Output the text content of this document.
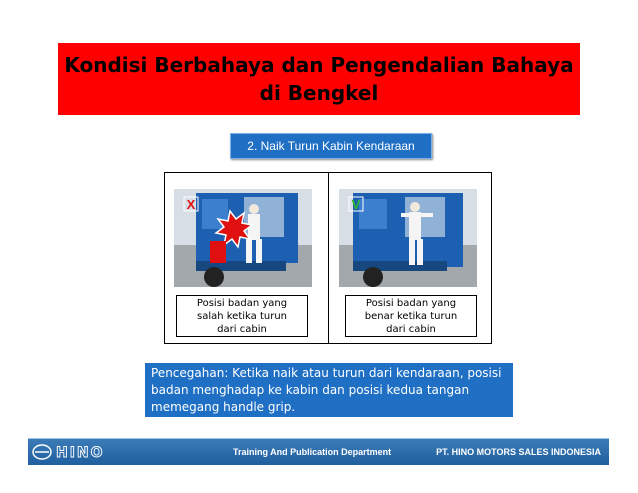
Kondisi Berbahaya dan Pengendalian Bahaya
di Bengkel
2. Naik Turun Kabin Kendaraan
X	V
Posisi badan yang
salah ketika turun
dari cabin
Posisi badan yang
benar ketika turun
dari cabin
Pencegahan: Ketika naik atau turun dari kendaraan, posisi
badan menghadap ke kabin dan posisi kedua tangan
memegang handle grip.
HINO	Training And Publication Department	PT. HINO MOTORS SALES INDONESIA
